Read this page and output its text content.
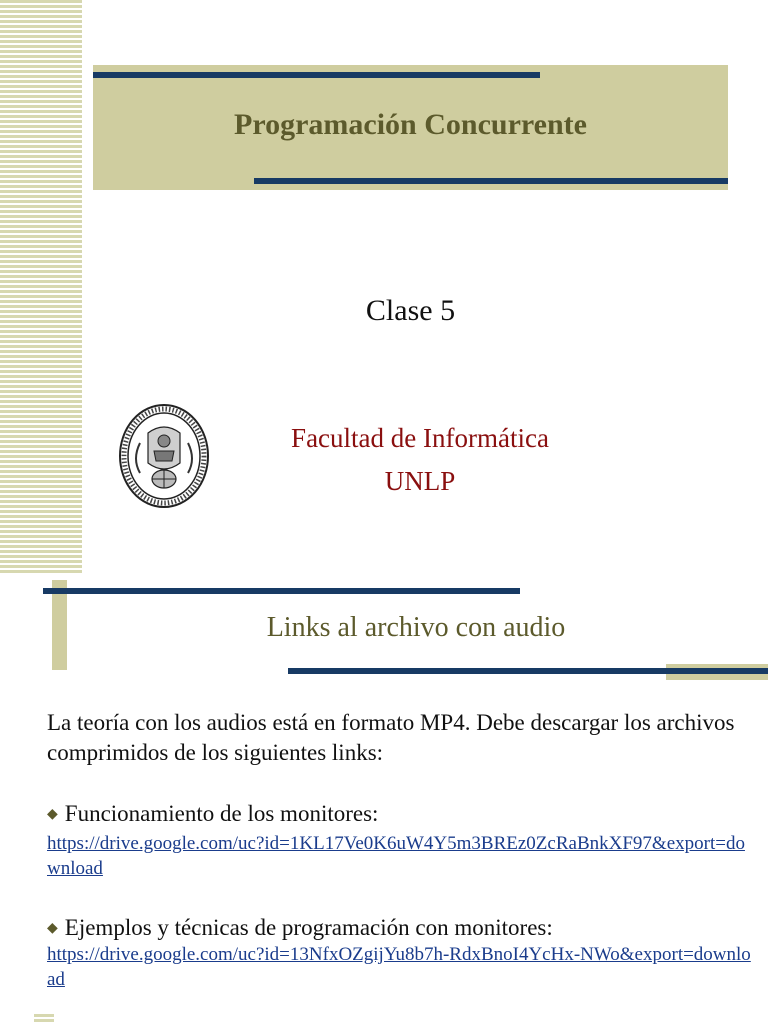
Programación Concurrente
Clase 5
Facultad de Informática
UNLP
Links al archivo con audio

La teoría con los audios está en formato MP4. Debe descargar los archivos comprimidos de los siguientes links:

◆ Funcionamiento de los monitores:
https://drive.google.com/uc?id=1KL17Ve0K6uW4Y5m3BREz0ZcRaBnkXF97&export=download
◆ Ejemplos y técnicas de programación con monitores:
https://drive.google.com/uc?id=13NfxOZgijYu8b7h-RdxBnoI4YcHx-NWo&export=download
